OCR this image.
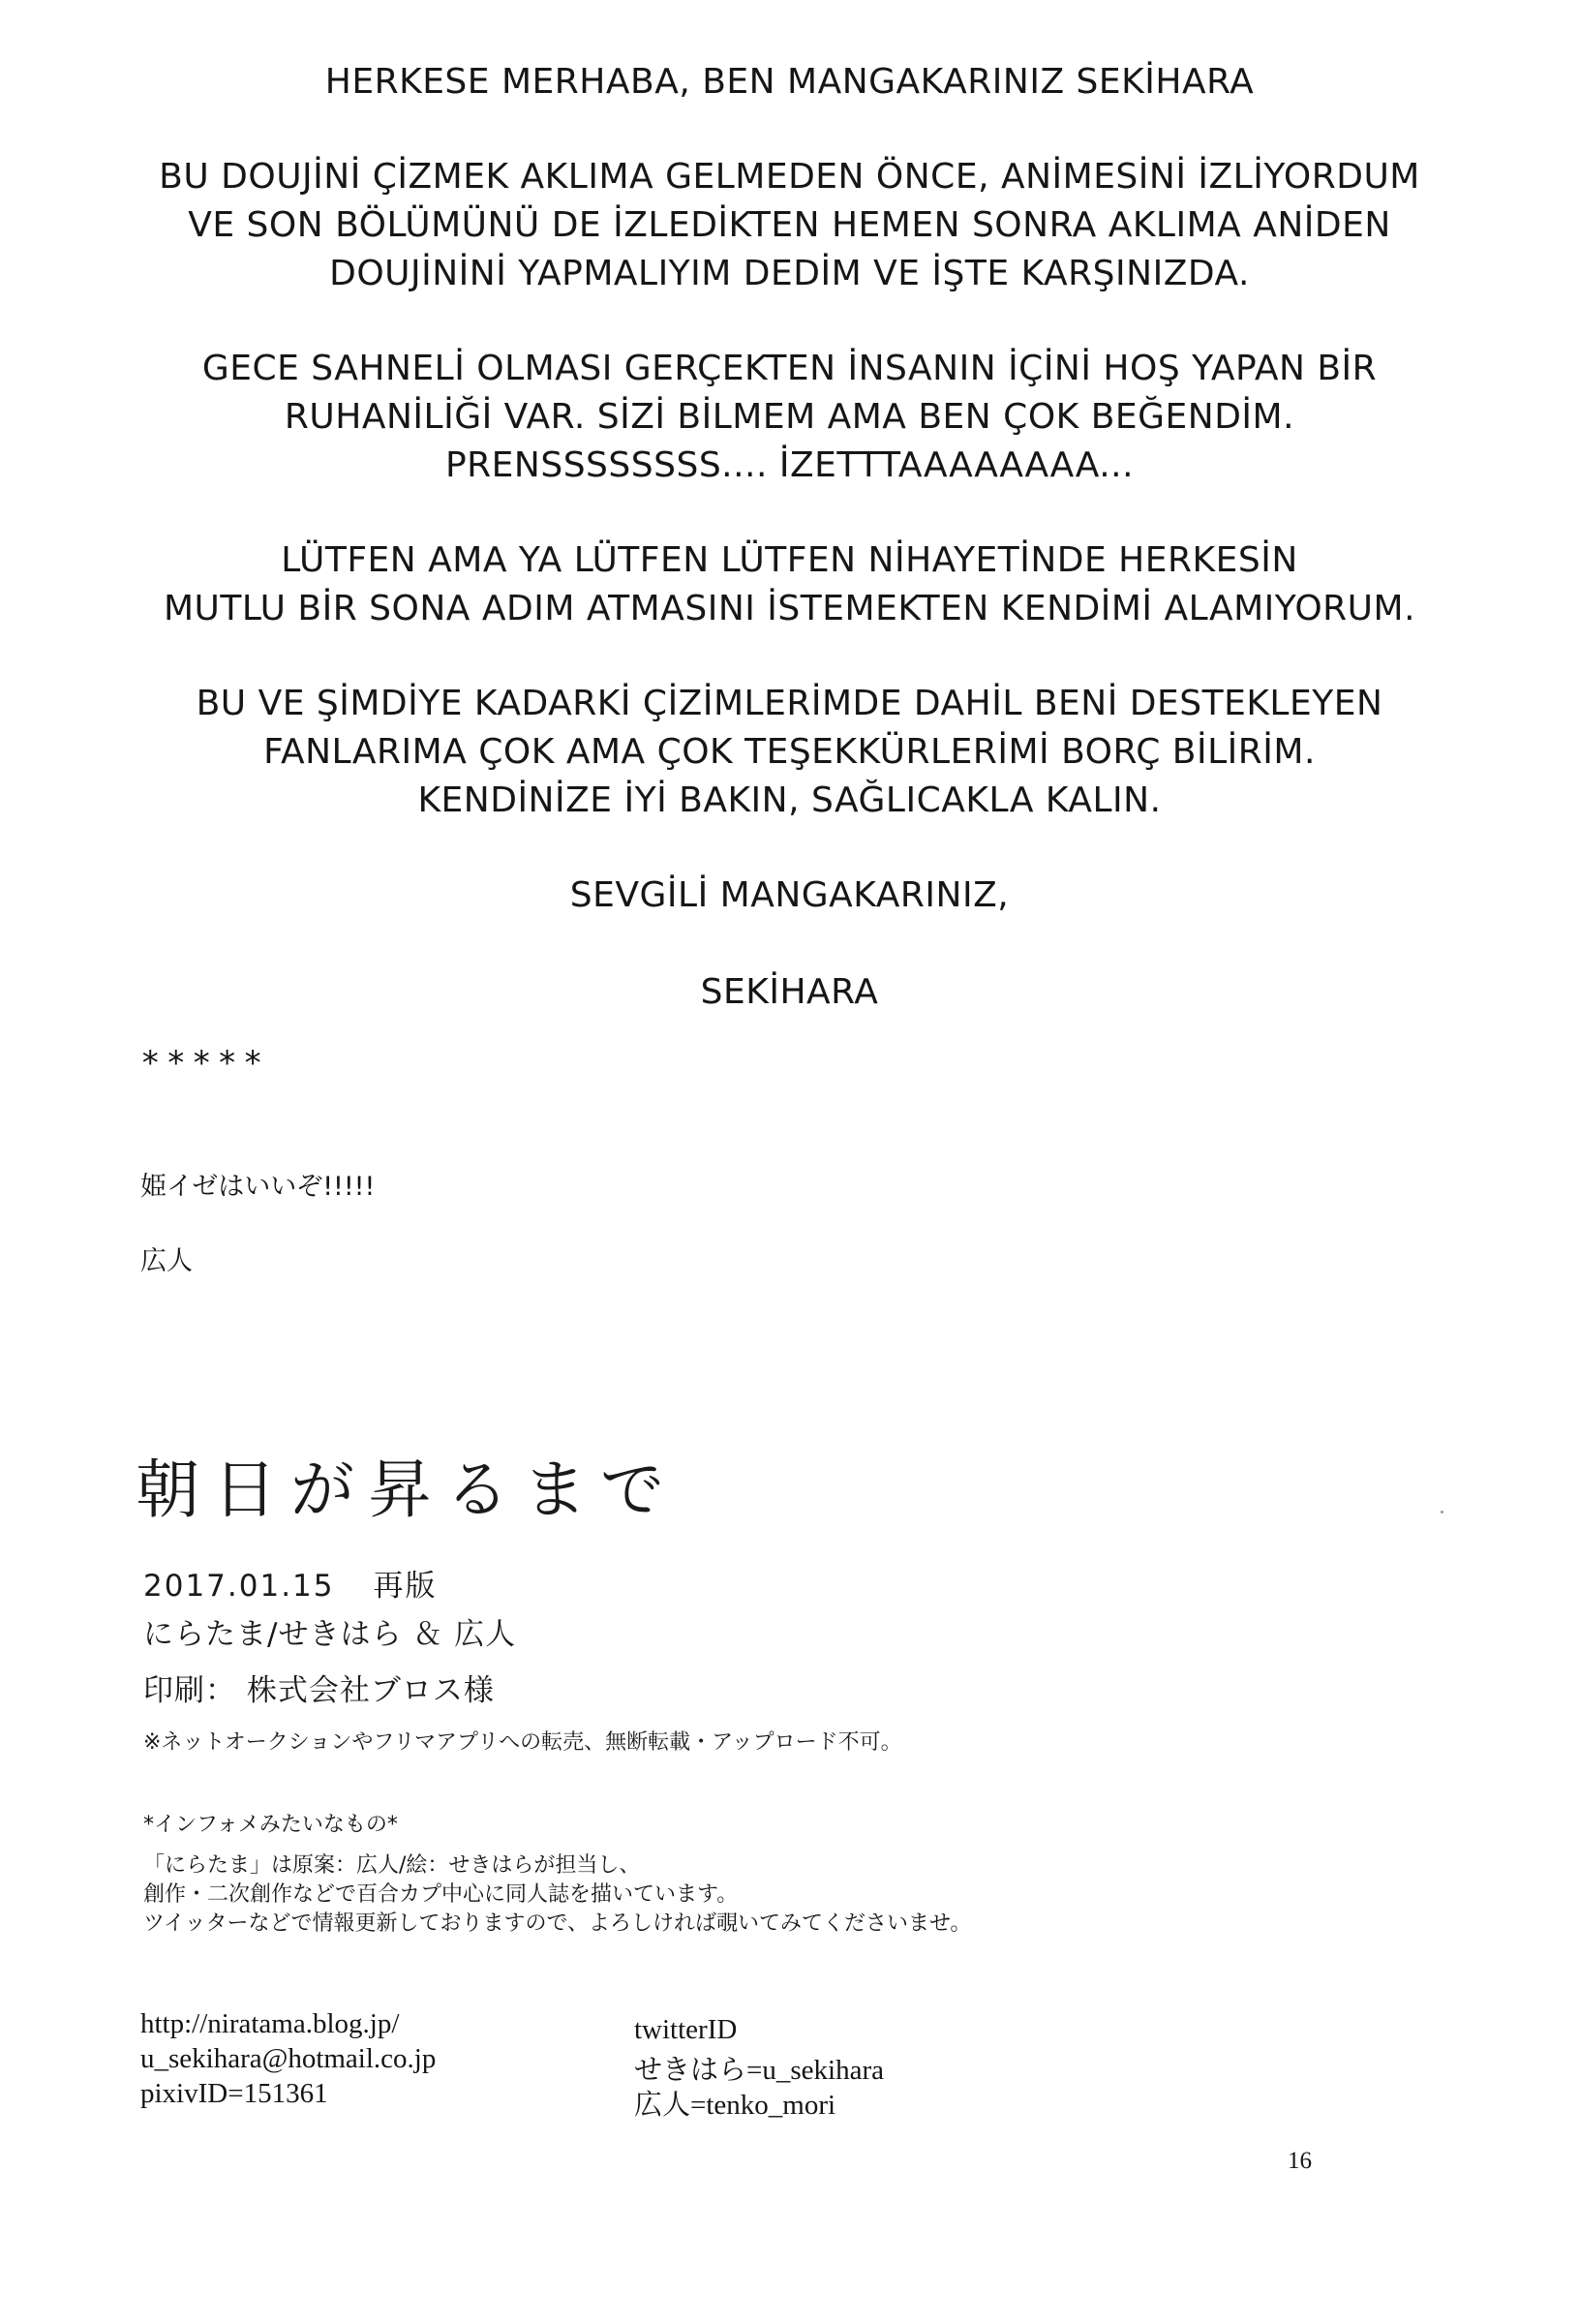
HERKESE MERHABA, BEN MANGAKARINIZ SEKİHARA
BU DOUJİNİ ÇİZMEK AKLIMA GELMEDEN ÖNCE, ANİMESİNİ İZLİYORDUM
VE SON BÖLÜMÜNÜ DE İZLEDİKTEN HEMEN SONRA AKLIMA ANİDEN
DOUJİNİNİ YAPMALIYIM DEDİM VE İŞTE KARŞINIZDA.
GECE SAHNELİ OLMASI GERÇEKTEN İNSANIN İÇİNİ HOŞ YAPAN BİR
RUHANİLİĞİ VAR. SİZİ BİLMEM AMA BEN ÇOK BEĞENDİM.
PRENSSSSSSSS.... İZETTTAAAAAAAA...
LÜTFEN AMA YA LÜTFEN LÜTFEN NİHAYETİNDE HERKESİN
MUTLU BİR SONA ADIM ATMASINI İSTEMEKTEN KENDİMİ ALAMIYORUM.
BU VE ŞİMDİYE KADARKİ ÇİZİMLERİMDE DAHİL BENİ DESTEKLEYEN
FANLARIMA ÇOK AMA ÇOK TEŞEKKÜRLERİMİ BORÇ BİLİRİM.
KENDİNİZE İYİ BAKIN, SAĞLICAKLA KALIN.
SEVGİLİ MANGAKARINIZ,
SEKİHARA
*****
姫イゼはいいぞ!!!!!
広人
朝日が昇るまで
2017.01.15 再版
にらたま/せきはら ＆ 広人
印刷： 株式会社ブロス様
※ネットオークションやフリマアプリへの転売、無断転載・アップロード不可。
*インフォメみたいなもの*
「にらたま」は原案：広人/絵：せきはらが担当し、
創作・二次創作などで百合カプ中心に同人誌を描いています。
ツイッターなどで情報更新しておりますので、よろしければ覗いてみてくださいませ。
http://niratama.blog.jp/
u_sekihara@hotmail.co.jp
pixivID=151361
twitterID
せきはら=u_sekihara
広人=tenko_mori
16
